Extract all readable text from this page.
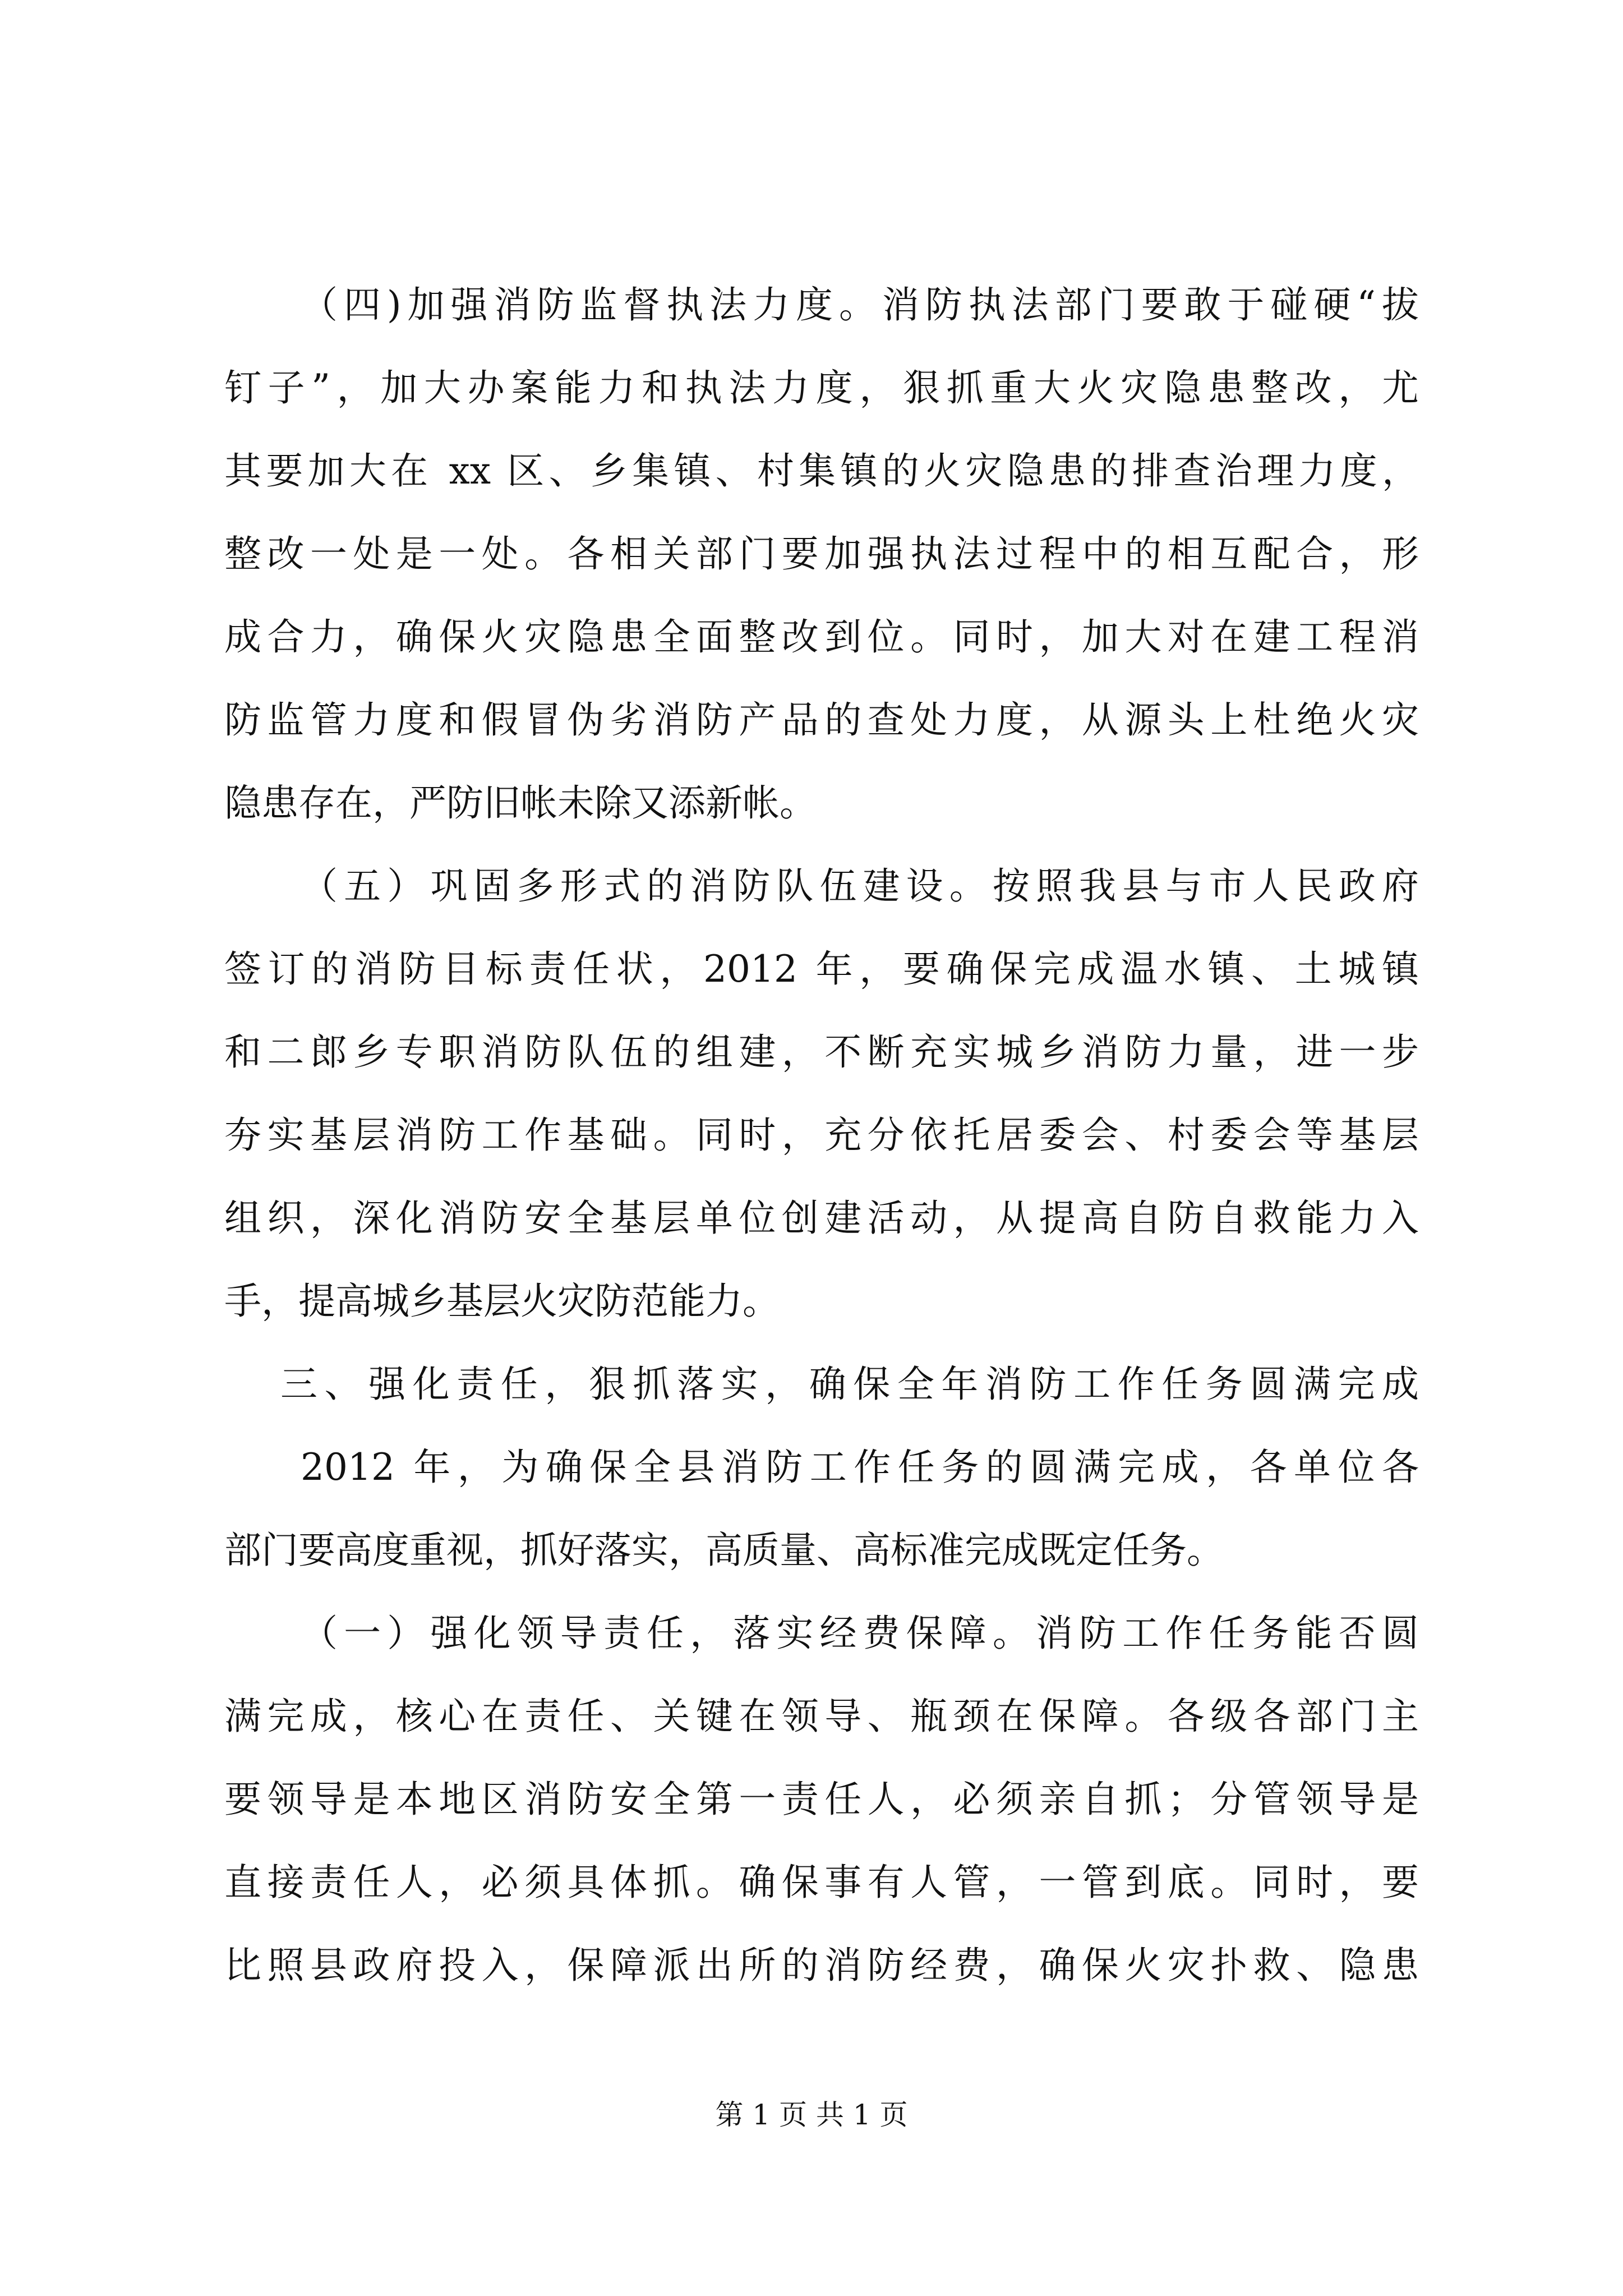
（四)加强消防监督执法力度。消防执法部门要敢于碰硬“拔
钉子”，加大办案能力和执法力度，狠抓重大火灾隐患整改，尤
其要加大在 xx 区、乡集镇、村集镇的火灾隐患的排查治理力度，
整改一处是一处。各相关部门要加强执法过程中的相互配合，形
成合力，确保火灾隐患全面整改到位。同时，加大对在建工程消
防监管力度和假冒伪劣消防产品的查处力度，从源头上杜绝火灾
隐患存在，严防旧帐未除又添新帐。
（五）巩固多形式的消防队伍建设。按照我县与市人民政府
签订的消防目标责任状，2012 年，要确保完成温水镇、土城镇
和二郎乡专职消防队伍的组建，不断充实城乡消防力量，进一步
夯实基层消防工作基础。同时，充分依托居委会、村委会等基层
组织，深化消防安全基层单位创建活动，从提高自防自救能力入
手，提高城乡基层火灾防范能力。
三、强化责任，狠抓落实，确保全年消防工作任务圆满完成
2012 年，为确保全县消防工作任务的圆满完成，各单位各
部门要高度重视，抓好落实，高质量、高标准完成既定任务。
（一）强化领导责任，落实经费保障。消防工作任务能否圆
满完成，核心在责任、关键在领导、瓶颈在保障。各级各部门主
要领导是本地区消防安全第一责任人，必须亲自抓；分管领导是
直接责任人，必须具体抓。确保事有人管，一管到底。同时，要
比照县政府投入，保障派出所的消防经费，确保火灾扑救、隐患
第 1 页 共 1 页
